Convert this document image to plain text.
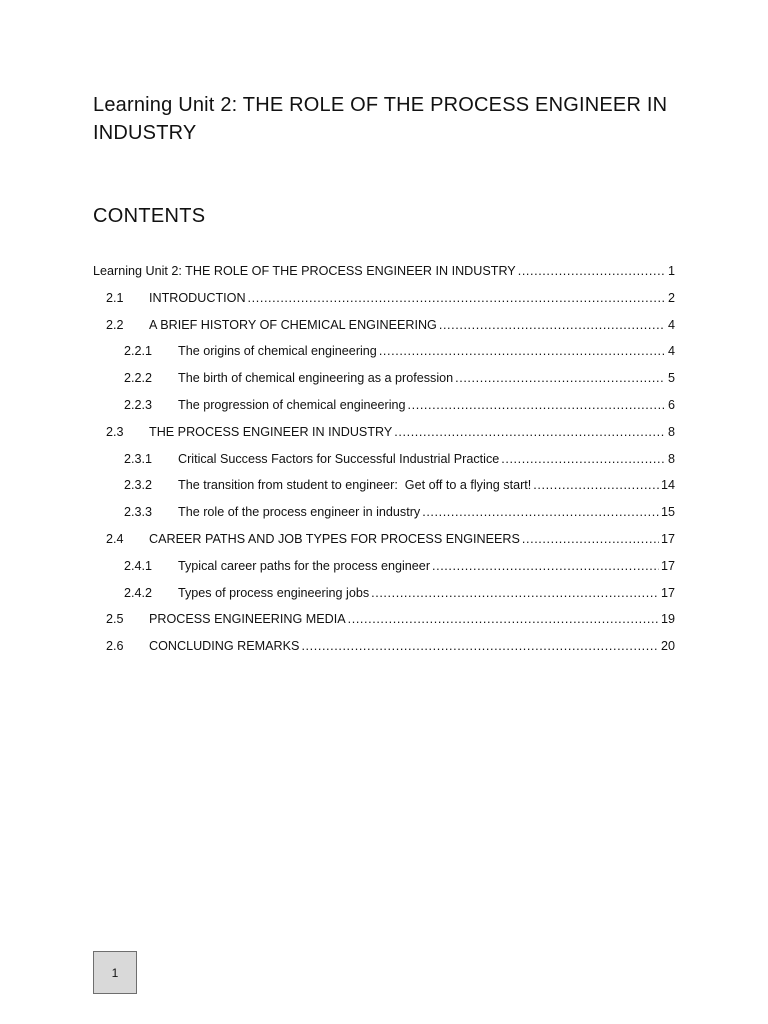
Learning Unit 2: THE ROLE OF THE PROCESS ENGINEER IN INDUSTRY
CONTENTS
Learning Unit 2: THE ROLE OF THE PROCESS ENGINEER IN INDUSTRY .....	1
2.1	INTRODUCTION .....	2
2.2	A BRIEF HISTORY OF CHEMICAL ENGINEERING .....	4
2.2.1	The origins of chemical engineering .....	4
2.2.2	The birth of chemical engineering as a profession .....	5
2.2.3	The progression of chemical engineering .....	6
2.3	THE PROCESS ENGINEER IN INDUSTRY .....	8
2.3.1	Critical Success Factors for Successful Industrial Practice .....	8
2.3.2	The transition from student to engineer:  Get off to a flying start! .....	14
2.3.3	The role of the process engineer in industry .....	15
2.4	CAREER PATHS AND JOB TYPES FOR PROCESS ENGINEERS .....	17
2.4.1	Typical career paths for the process engineer .....	17
2.4.2	Types of process engineering jobs .....	17
2.5	PROCESS ENGINEERING MEDIA .....	19
2.6	CONCLUDING REMARKS .....	20
1
